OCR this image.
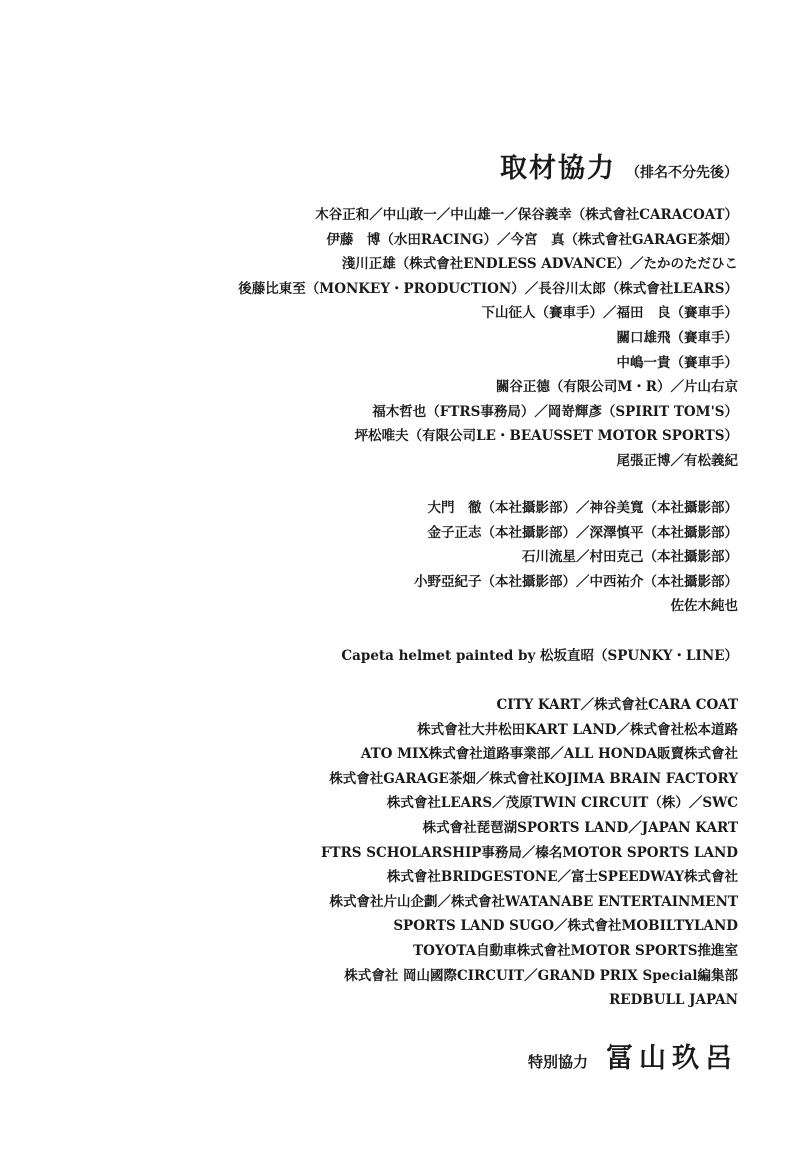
取材協力 （排名不分先後）
木谷正和／中山敢一／中山雄一／保谷義幸（株式會社CARACOAT）
伊藤　博（水田RACING）／今宮　真（株式會社GARAGE茶畑）
淺川正雄（株式會社ENDLESS ADVANCE）／たかのただひこ
後藤比東至（MONKEY・PRODUCTION）／長谷川太郎（株式會社LEARS）
下山征人（賽車手）／福田　良（賽車手）
關口雄飛（賽車手）
中嶋一貴（賽車手）
關谷正德（有限公司M・R）／片山右京
福木哲也（FTRS事務局）／岡嵜輝彥（SPIRIT TOM'S）
坪松唯夫（有限公司LE・BEAUSSET MOTOR SPORTS）
尾張正博／有松義紀
大門　徹（本社攝影部）／神谷美寬（本社攝影部）
金子正志（本社攝影部）／深澤慎平（本社攝影部）
石川流星／村田克己（本社攝影部）
小野亞紀子（本社攝影部）／中西祐介（本社攝影部）
佐佐木純也
Capeta helmet painted by 松坂直昭（SPUNKY・LINE）
CITY KART／株式會社CARA COAT
株式會社大井松田KART LAND／株式會社松本道路
ATO MIX株式會社道路事業部／ALL HONDA販賣株式會社
株式會社GARAGE茶畑／株式會社KOJIMA BRAIN FACTORY
株式會社LEARS／茂原TWIN CIRCUIT（株）／SWC
株式會社琵琶湖SPORTS LAND／JAPAN KART
FTRS SCHOLARSHIP事務局／榛名MOTOR SPORTS LAND
株式會社BRIDGESTONE／富士SPEEDWAY株式會社
株式會社片山企劃／株式會社WATANABE ENTERTAINMENT
SPORTS LAND SUGO／株式會社MOBILTYLAND
TOYOTA自動車株式會社MOTOR SPORTS推進室
株式會社 岡山國際CIRCUIT／GRAND PRIX Special編集部
REDBULL JAPAN
特別協力 冨山玖呂
